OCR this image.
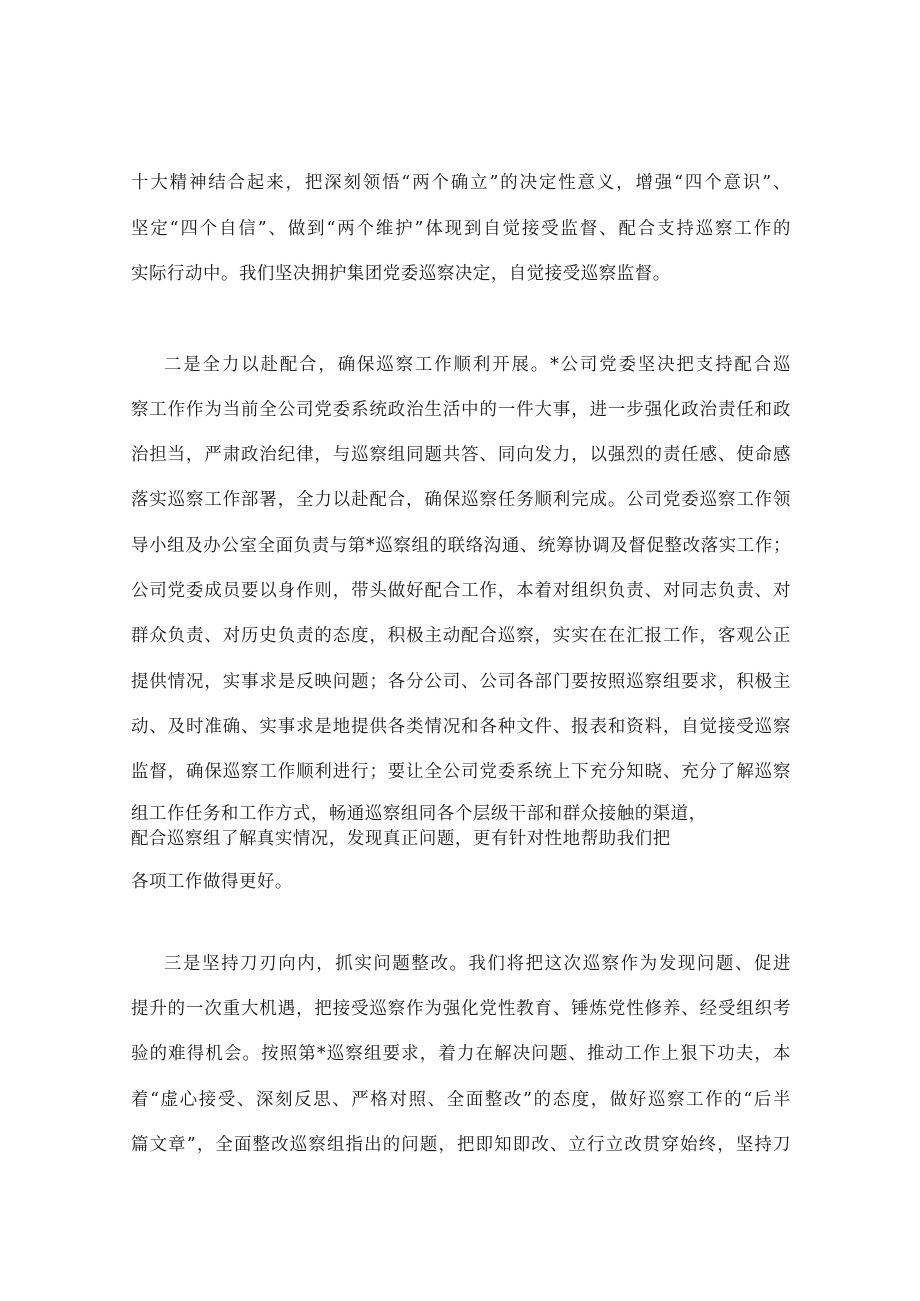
十大精神结合起来，把深刻领悟“两个确立”的决定性意义，增强“四个意识”、
坚定“四个自信”、做到“两个维护”体现到自觉接受监督、配合支持巡察工作的
实际行动中。我们坚决拥护集团党委巡察决定，自觉接受巡察监督。
二是全力以赴配合，确保巡察工作顺利开展。*公司党委坚决把支持配合巡
察工作作为当前全公司党委系统政治生活中的一件大事，进一步强化政治责任和政
治担当，严肃政治纪律，与巡察组同题共答、同向发力，以强烈的责任感、使命感
落实巡察工作部署，全力以赴配合，确保巡察任务顺利完成。公司党委巡察工作领
导小组及办公室全面负责与第*巡察组的联络沟通、统筹协调及督促整改落实工作；
公司党委成员要以身作则，带头做好配合工作，本着对组织负责、对同志负责、对
群众负责、对历史负责的态度，积极主动配合巡察，实实在在汇报工作，客观公正
提供情况，实事求是反映问题；各分公司、公司各部门要按照巡察组要求，积极主
动、及时准确、实事求是地提供各类情况和各种文件、报表和资料，自觉接受巡察
监督，确保巡察工作顺利进行；要让全公司党委系统上下充分知晓、充分了解巡察
组工作任务和工作方式，畅通巡察组同各个层级干部和群众接触的渠道，
配合巡察组了解真实情况，发现真正问题，更有针对性地帮助我们把
各项工作做得更好。
三是坚持刀刃向内，抓实问题整改。我们将把这次巡察作为发现问题、促进
提升的一次重大机遇，把接受巡察作为强化党性教育、锤炼党性修养、经受组织考
验的难得机会。按照第*巡察组要求，着力在解决问题、推动工作上狠下功夫，本
着“虚心接受、深刻反思、严格对照、全面整改”的态度，做好巡察工作的“后半
篇文章”，全面整改巡察组指出的问题，把即知即改、立行立改贯穿始终，坚持刀
